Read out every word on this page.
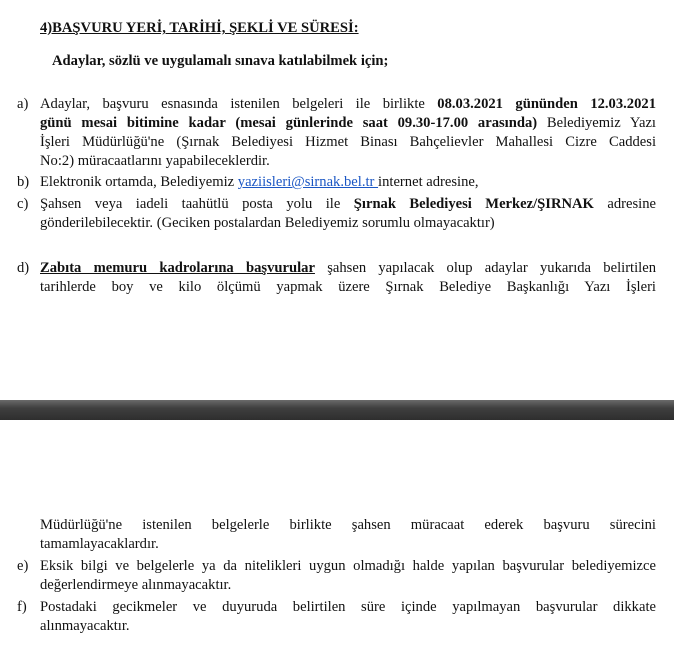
4)BAŞVURU YERİ, TARİHİ, ŞEKLİ VE SÜRESİ:
Adaylar, sözlü ve uygulamalı sınava katılabilmek için;
a) Adaylar, başvuru esnasında istenilen belgeleri ile birlikte 08.03.2021 gününden 12.03.2021
günü mesai bitimine kadar (mesai günlerinde saat 09.30-17.00 arasında) Belediyemiz Yazı
İşleri Müdürlüğü'ne (Şırnak Belediyesi Hizmet Binası Bahçelievler Mahallesi Cizre Caddesi
No:2) müracaatlarını yapabileceklerdir.
b) Elektronik ortamda, Belediyemiz yaziisleri@sirnak.bel.tr internet adresine,
c) Şahsen veya iadeli taahütlü posta yolu ile Şırnak Belediyesi Merkez/ŞIRNAK adresine
gönderilebilecektir. (Geciken postalardan Belediyemiz sorumlu olmayacaktır)
d) Zabıta memuru kadrolarına başvurular şahsen yapılacak olup adaylar yukarıda belirtilen
tarihlerde boy ve kilo ölçümü yapmak üzere Şırnak Belediye Başkanlığı Yazı İşleri
Müdürlüğü'ne istenilen belgelerle birlikte şahsen müracaat ederek başvuru sürecini
tamamlayacaklardır.
e) Eksik bilgi ve belgelerle ya da nitelikleri uygun olmadığı halde yapılan başvurular belediyemizce
değerlendirmeye alınmayacaktır.
f) Postadaki gecikmeler ve duyuruda belirtilen süre içinde yapılmayan başvurular dikkate
alınmayacaktır.
